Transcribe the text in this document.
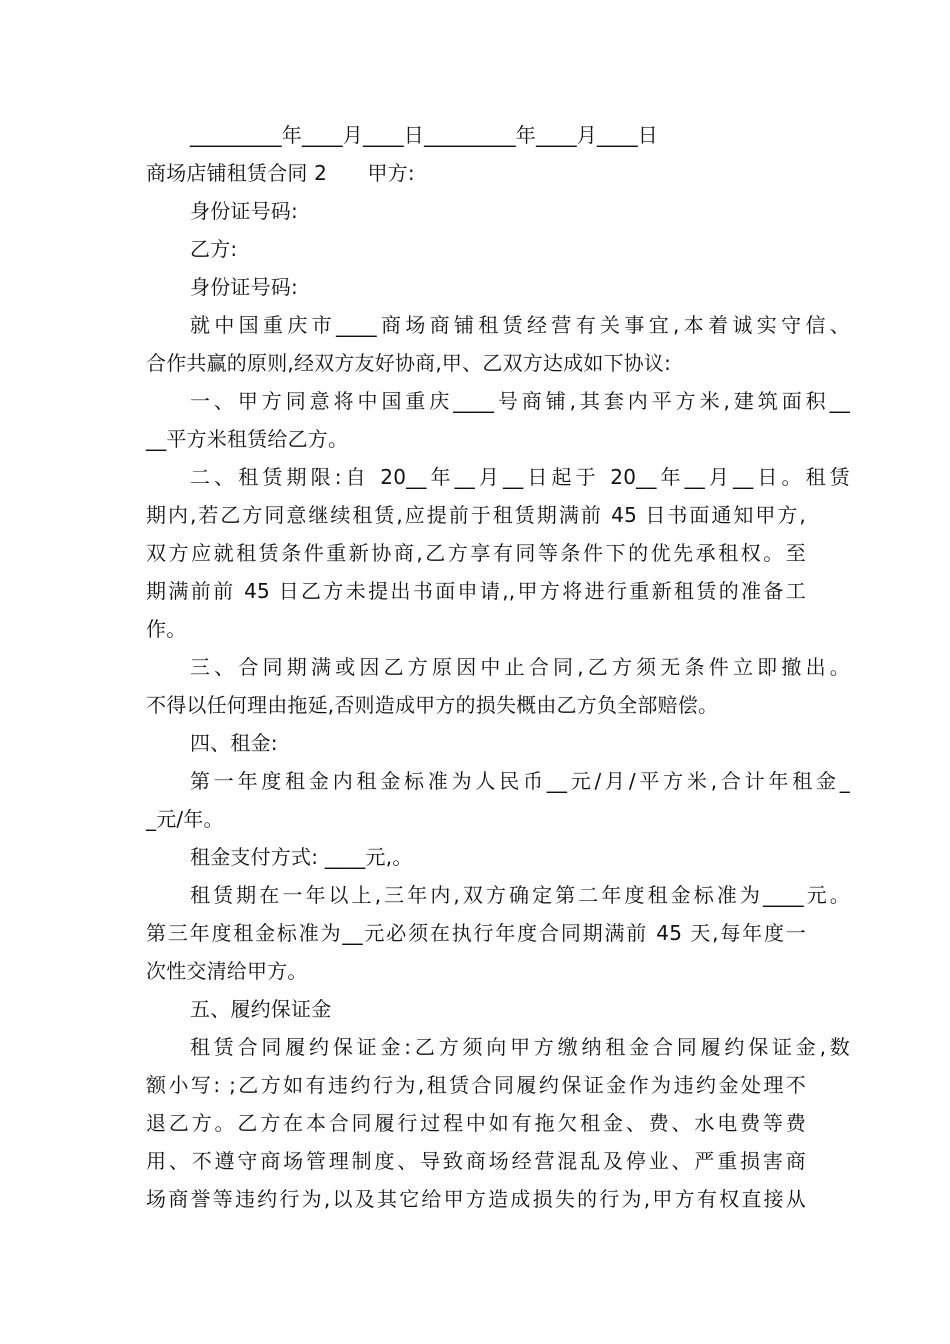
_________年____月____日_________年____月____日
商场店铺租赁合同 2　　甲方:
身份证号码:
乙方:
身份证号码:
就中国重庆市____商场商铺租赁经营有关事宜,本着诚实守信、
合作共赢的原则,经双方友好协商,甲、乙双方达成如下协议:
一、甲方同意将中国重庆____号商铺,其套内平方米,建筑面积__
__平方米租赁给乙方。
二、租赁期限:自 20__年__月__日起于 20__年__月__日。租赁
期内,若乙方同意继续租赁,应提前于租赁期满前 45 日书面通知甲方,
双方应就租赁条件重新协商,乙方享有同等条件下的优先承租权。至
期满前前 45 日乙方未提出书面申请,,甲方将进行重新租赁的准备工
作。
三、合同期满或因乙方原因中止合同,乙方须无条件立即撤出。
不得以任何理由拖延,否则造成甲方的损失概由乙方负全部赔偿。
四、租金:
第一年度租金内租金标准为人民币__元/月/平方米,合计年租金_
_元/年。
租金支付方式: ____元,。
租赁期在一年以上,三年内,双方确定第二年度租金标准为____元。
第三年度租金标准为__元必须在执行年度合同期满前 45 天,每年度一
次性交清给甲方。
五、履约保证金
租赁合同履约保证金:乙方须向甲方缴纳租金合同履约保证金,数
额小写: ;乙方如有违约行为,租赁合同履约保证金作为违约金处理不
退乙方。乙方在本合同履行过程中如有拖欠租金、费、水电费等费
用、不遵守商场管理制度、导致商场经营混乱及停业、严重损害商
场商誉等违约行为,以及其它给甲方造成损失的行为,甲方有权直接从
